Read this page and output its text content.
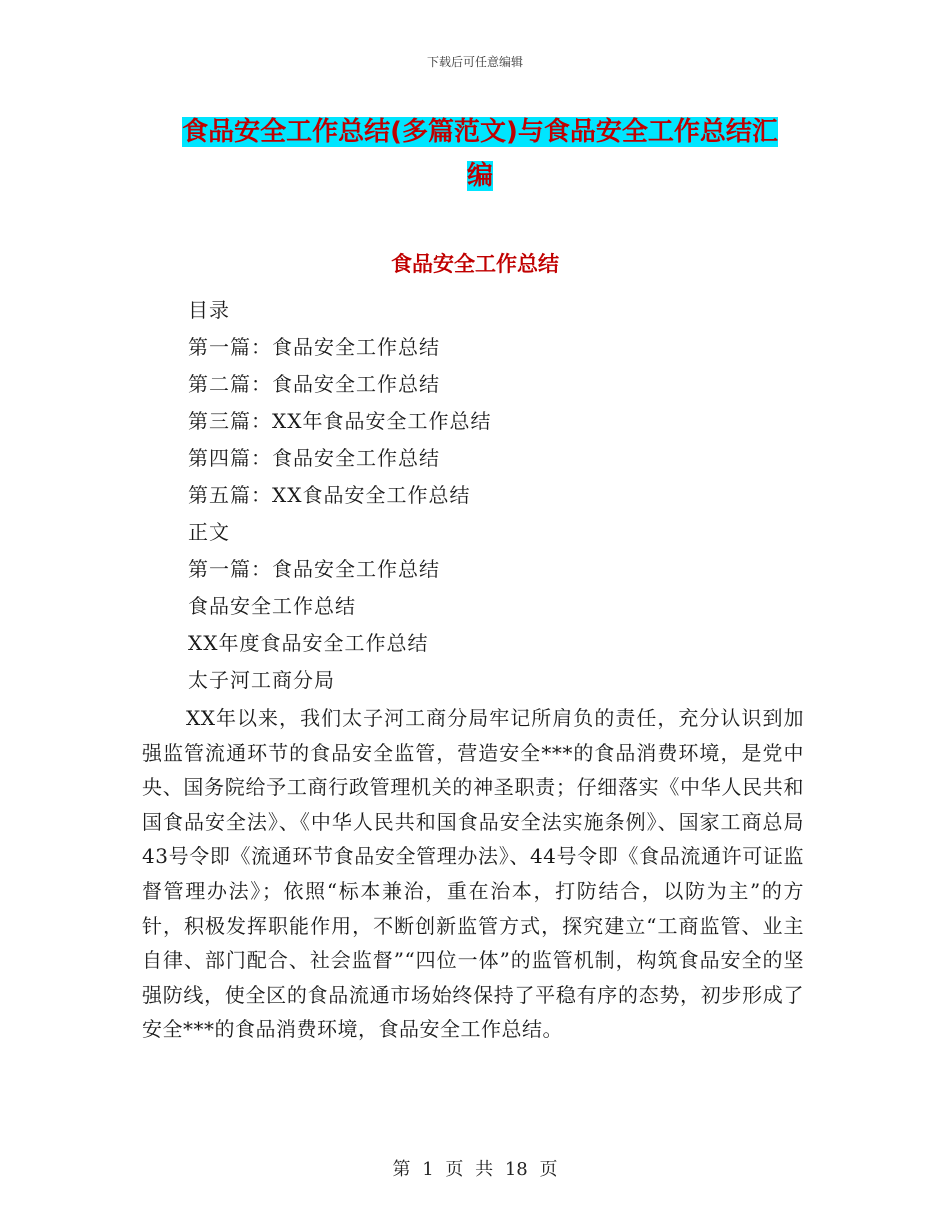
下载后可任意编辑
食品安全工作总结(多篇范文)与食品安全工作总结汇
编
食品安全工作总结
目录
第一篇：食品安全工作总结
第二篇：食品安全工作总结
第三篇：XX年食品安全工作总结
第四篇：食品安全工作总结
第五篇：XX食品安全工作总结
正文
第一篇：食品安全工作总结
食品安全工作总结
XX年度食品安全工作总结
太子河工商分局
XX年以来，我们太子河工商分局牢记所肩负的责任，充分认识到加强监管流通环节的食品安全监管，营造安全***的食品消费环境，是党中央、国务院给予工商行政管理机关的神圣职责；仔细落实《中华人民共和国食品安全法》、《中华人民共和国食品安全法实施条例》、国家工商总局43号令即《流通环节食品安全管理办法》、44号令即《食品流通许可证监督管理办法》；依照“标本兼治，重在治本，打防结合，以防为主”的方针，积极发挥职能作用，不断创新监管方式，探究建立“工商监管、业主自律、部门配合、社会监督”“四位一体”的监管机制，构筑食品安全的坚强防线，使全区的食品流通市场始终保持了平稳有序的态势，初步形成了安全***的食品消费环境，食品安全工作总结。
第 1 页 共 18 页
